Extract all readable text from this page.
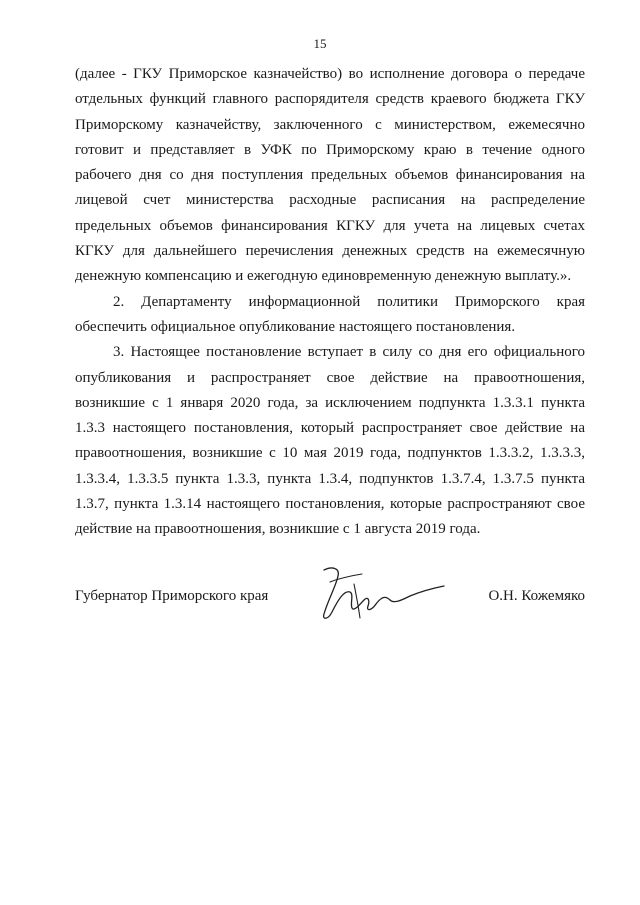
15

(далее - ГКУ Приморское казначейство) во исполнение договора о передаче отдельных функций главного распорядителя средств краевого бюджета ГКУ Приморскому казначейству, заключенного с министерством, ежемесячно готовит и представляет в УФК по Приморскому краю в течение одного рабочего дня со дня поступления предельных объемов финансирования на лицевой счет министерства расходные расписания на распределение предельных объемов финансирования КГКУ для учета на лицевых счетах КГКУ для дальнейшего перечисления денежных средств на ежемесячную денежную компенсацию и ежегодную единовременную денежную выплату.».

2. Департаменту информационной политики Приморского края обеспечить официальное опубликование настоящего постановления.

3. Настоящее постановление вступает в силу со дня его официального опубликования и распространяет свое действие на правоотношения, возникшие с 1 января 2020 года, за исключением подпункта 1.3.3.1 пункта 1.3.3 настоящего постановления, который распространяет свое действие на правоотношения, возникшие с 10 мая 2019 года, подпунктов 1.3.3.2, 1.3.3.3, 1.3.3.4, 1.3.3.5 пункта 1.3.3, пункта 1.3.4, подпунктов 1.3.7.4, 1.3.7.5 пункта 1.3.7, пункта 1.3.14 настоящего постановления, которые распространяют свое действие на правоотношения, возникшие с 1 августа 2019 года.

Губернатор Приморского края	О.Н. Кожемяко
